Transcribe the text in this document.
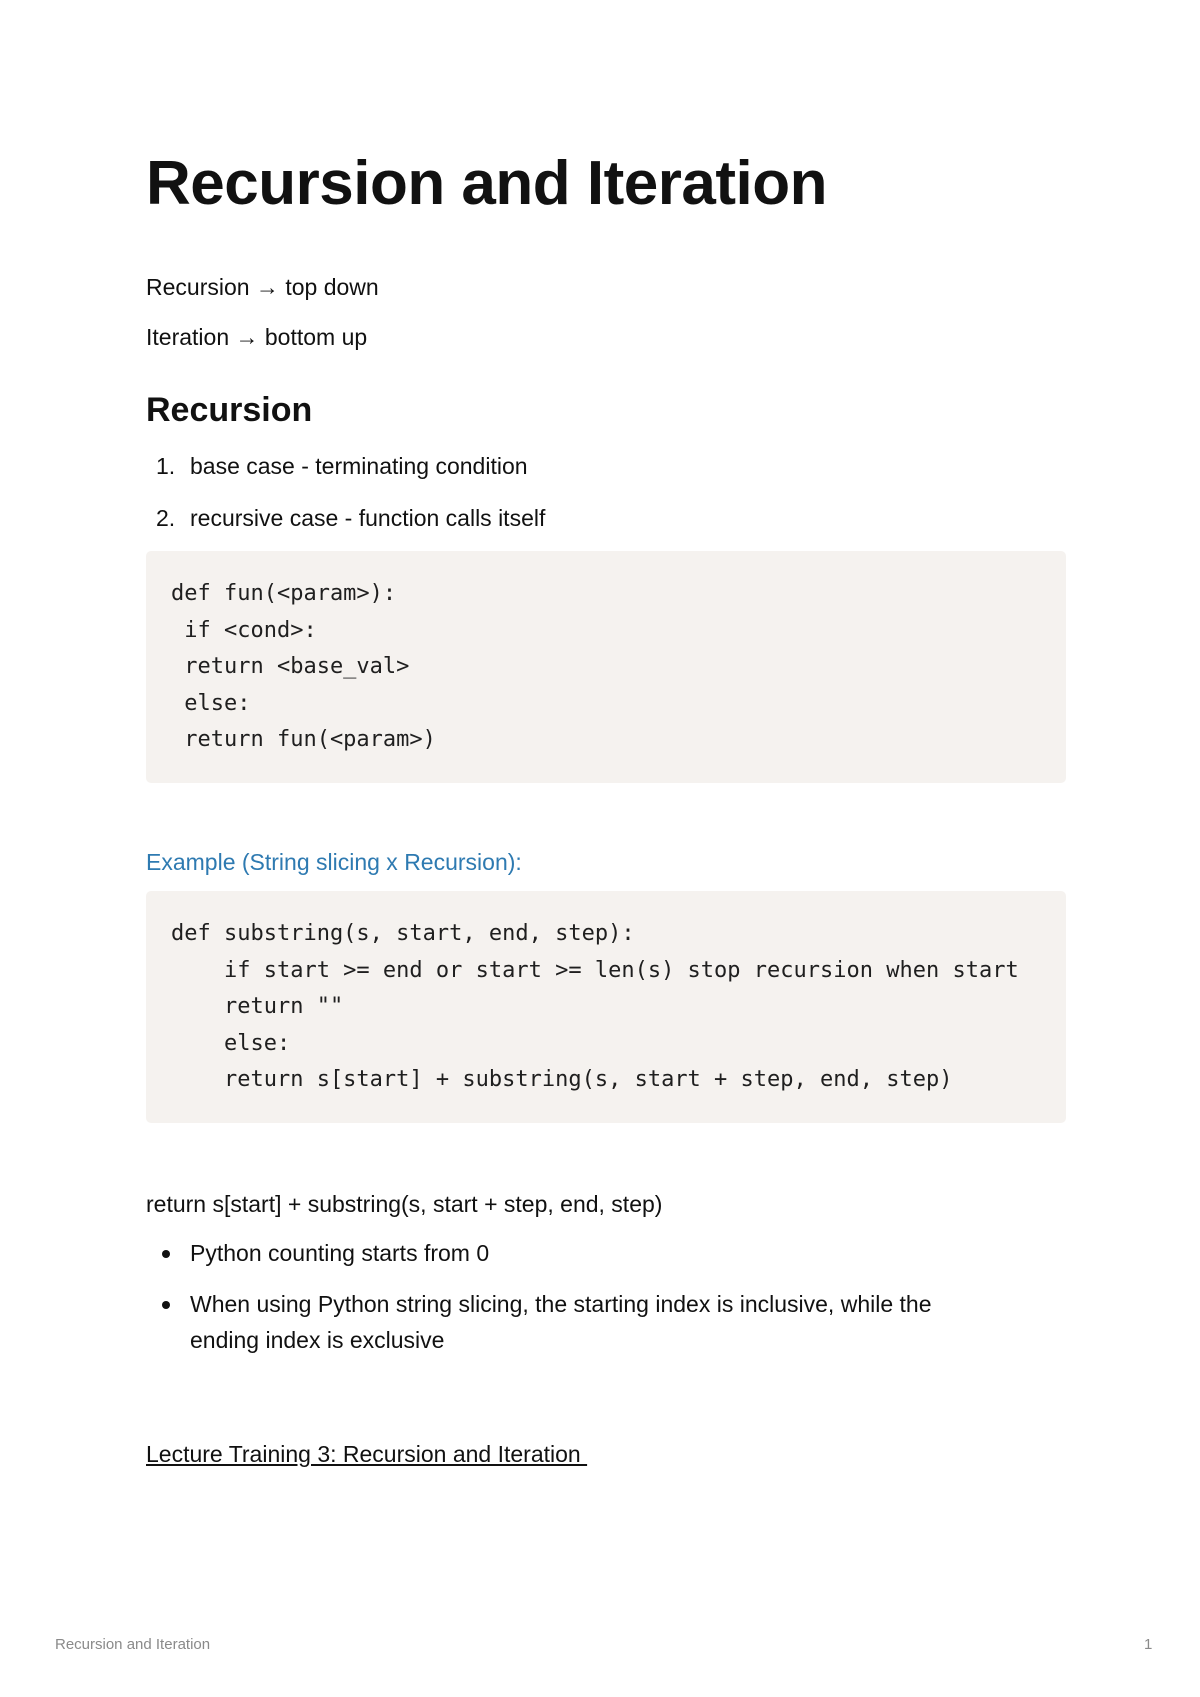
Recursion and Iteration

Recursion → top down

Iteration → bottom up

Recursion
1. base case - terminating condition
2. recursive case - function calls itself
def fun(<param>):
if <cond>:
return <base_val>
else:
return fun(<param>)

Example (String slicing x Recursion):

def substring(s, start, end, step):
if start >= end or start >= len(s) stop recursion when start
return ""
else:
return s[start] + substring(s, start + step, end, step)

return s[start] + substring(s, start + step, end, step)

Python counting starts from 0
When using Python string slicing, the starting index is inclusive, while the
ending index is exclusive
Lecture Training 3: Recursion and Iteration
Recursion and Iteration	1
